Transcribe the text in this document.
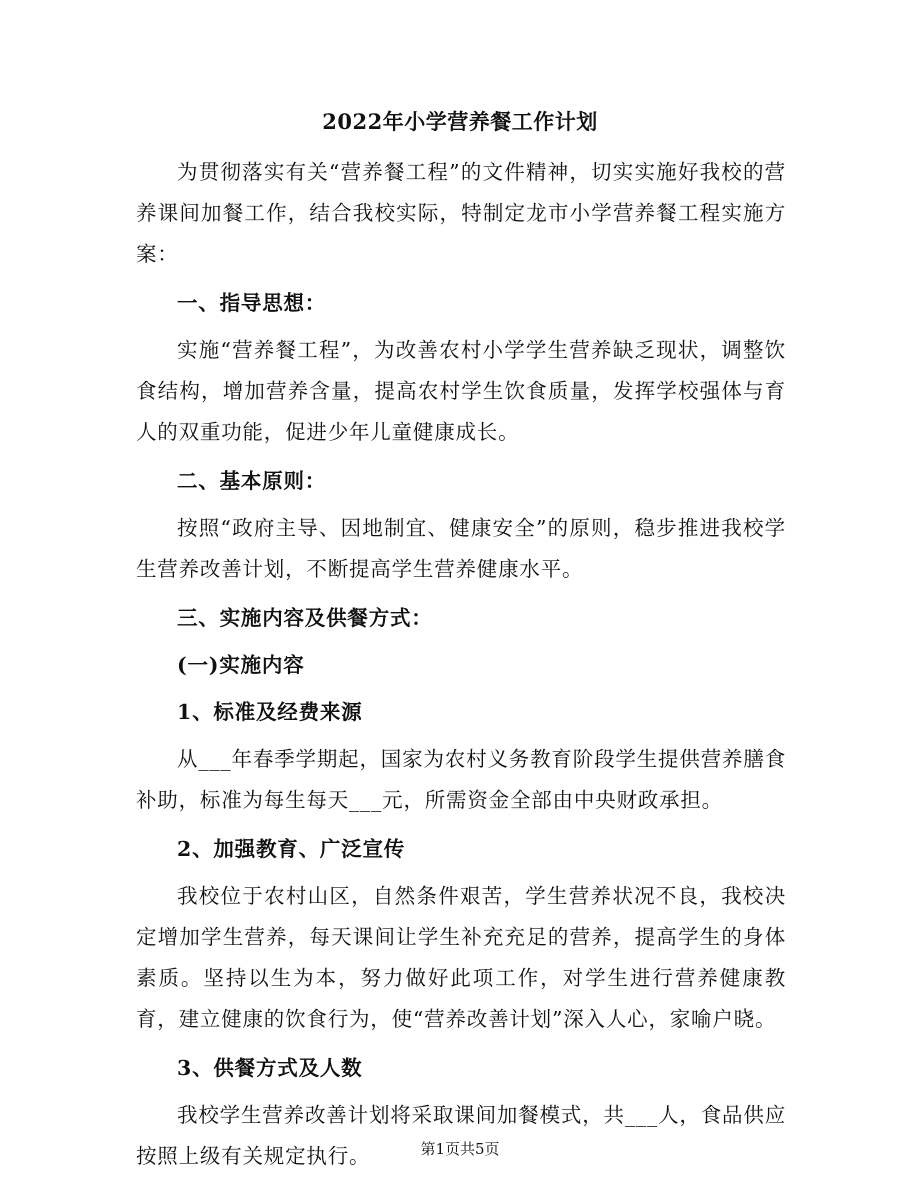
2022年小学营养餐工作计划

为贯彻落实有关“营养餐工程”的文件精神，切实实施好我校的营养课间加餐工作，结合我校实际，特制定龙市小学营养餐工程实施方案：

一、指导思想：

实施“营养餐工程”，为改善农村小学学生营养缺乏现状，调整饮食结构，增加营养含量，提高农村学生饮食质量，发挥学校强体与育人的双重功能，促进少年儿童健康成长。

二、基本原则：

按照“政府主导、因地制宜、健康安全”的原则，稳步推进我校学生营养改善计划，不断提高学生营养健康水平。

三、实施内容及供餐方式：

(一)实施内容

1、标准及经费来源

从___年春季学期起，国家为农村义务教育阶段学生提供营养膳食补助，标准为每生每天___元，所需资金全部由中央财政承担。

2、加强教育、广泛宣传

我校位于农村山区，自然条件艰苦，学生营养状况不良，我校决定增加学生营养，每天课间让学生补充充足的营养，提高学生的身体素质。坚持以生为本，努力做好此项工作，对学生进行营养健康教育，建立健康的饮食行为，使“营养改善计划”深入人心，家喻户晓。

3、供餐方式及人数

我校学生营养改善计划将采取课间加餐模式，共___人，食品供应按照上级有关规定执行。	第1页共5页
